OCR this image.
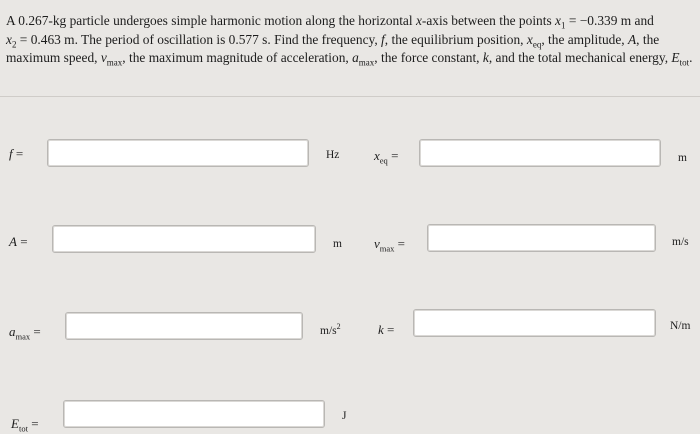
A 0.267-kg particle undergoes simple harmonic motion along the horizontal x-axis between the points $x_1 = -0.339$ m and
$x_2 = 0.463$ m. The period of oscillation is 0.577 s. Find the frequency, f, the equilibrium position, $x_{eq}$, the amplitude, A, the maximum speed, $v_{max}$, the maximum magnitude of acceleration, $a_{max}$, the force constant, k, and the total mechanical energy, $E_{tot}$.

f =	Hz	$x_{eq}$ =	m
A =	m $v_{max}$ =	m/s
$a_{max}$ =	$m/s^2$	k =	N/m
$E_{tot}$ =	J
